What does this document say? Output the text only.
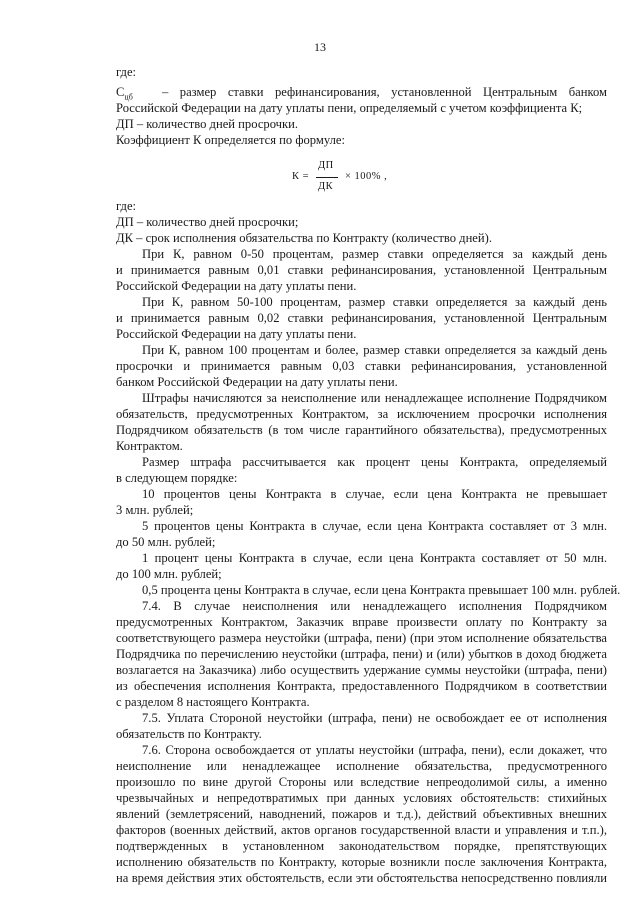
13
где:
$C_{цб}$ – размер ставки рефинансирования, установленной Центральным банком
Российской Федерации на дату уплаты пени, определяемый с учетом коэффициента К;
ДП – количество дней просрочки.
Коэффициент К определяется по формуле:
К =
ДП
ДК
× 100% ,
где:
ДП – количество дней просрочки;
ДК – срок исполнения обязательства по Контракту (количество дней).
При К, равном 0-50 процентам, размер ставки определяется за каждый день
и принимается равным 0,01 ставки рефинансирования, установленной Центральным
Российской Федерации на дату уплаты пени.
При К, равном 50-100 процентам, размер ставки определяется за каждый день
и принимается равным 0,02 ставки рефинансирования, установленной Центральным
Российской Федерации на дату уплаты пени.
При К, равном 100 процентам и более, размер ставки определяется за каждый день
просрочки и принимается равным 0,03 ставки рефинансирования, установленной
банком Российской Федерации на дату уплаты пени.
Штрафы начисляются за неисполнение или ненадлежащее исполнение Подрядчиком
обязательств, предусмотренных Контрактом, за исключением просрочки исполнения
Подрядчиком обязательств (в том числе гарантийного обязательства), предусмотренных
Контрактом.
Размер штрафа рассчитывается как процент цены Контракта, определяемый
в следующем порядке:
10 процентов цены Контракта в случае, если цена Контракта не превышает
3 млн. рублей;
5 процентов цены Контракта в случае, если цена Контракта составляет от 3 млн.
до 50 млн. рублей;
1 процент цены Контракта в случае, если цена Контракта составляет от 50 млн.
до 100 млн. рублей;
0,5 процента цены Контракта в случае, если цена Контракта превышает 100 млн. рублей.
7.4. В случае неисполнения или ненадлежащего исполнения Подрядчиком
предусмотренных Контрактом, Заказчик вправе произвести оплату по Контракту за
соответствующего размера неустойки (штрафа, пени) (при этом исполнение обязательства
Подрядчика по перечислению неустойки (штрафа, пени) и (или) убытков в доход бюджета
возлагается на Заказчика) либо осуществить удержание суммы неустойки (штрафа, пени)
из обеспечения исполнения Контракта, предоставленного Подрядчиком в соответствии
с разделом 8 настоящего Контракта.
7.5. Уплата Стороной неустойки (штрафа, пени) не освобождает ее от исполнения
обязательств по Контракту.
7.6. Сторона освобождается от уплаты неустойки (штрафа, пени), если докажет, что
неисполнение или ненадлежащее исполнение обязательства, предусмотренного
произошло по вине другой Стороны или вследствие непреодолимой силы, а именно
чрезвычайных и непредотвратимых при данных условиях обстоятельств: стихийных
явлений (землетрясений, наводнений, пожаров и т.д.), действий объективных внешних
факторов (военных действий, актов органов государственной власти и управления и т.п.),
подтвержденных в установленном законодательством порядке, препятствующих
исполнению обязательств по Контракту, которые возникли после заключения Контракта,
на время действия этих обстоятельств, если эти обстоятельства непосредственно повлияли
